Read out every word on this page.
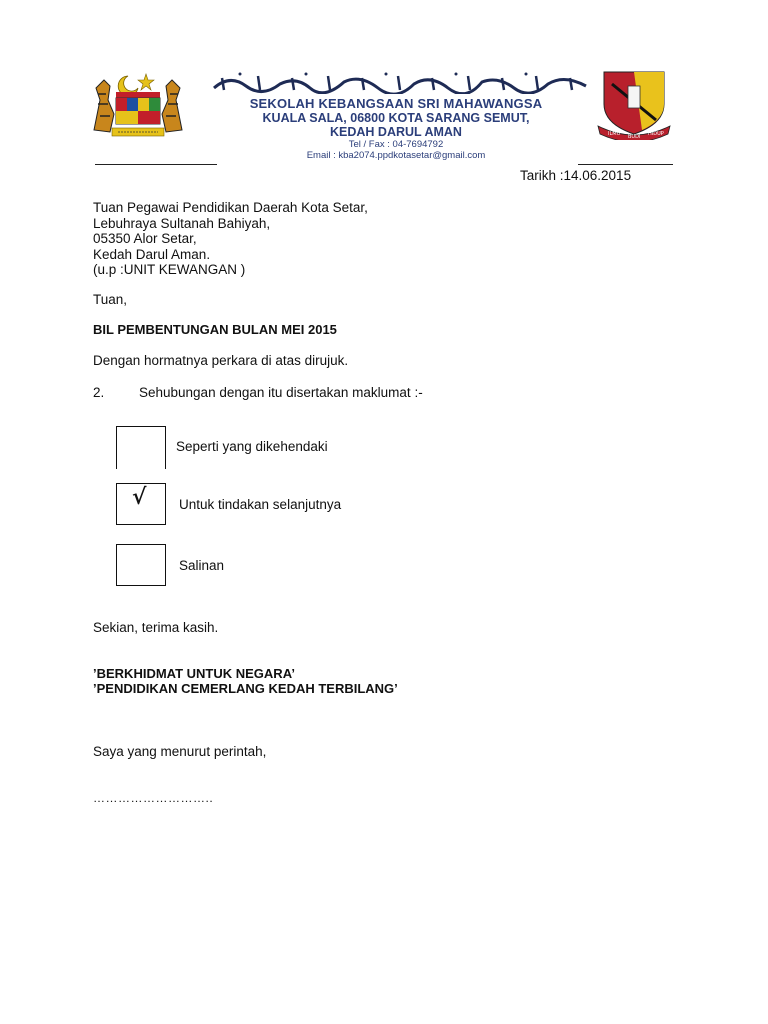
SEKOLAH KEBANGSAAN SRI MAHAWANGSA
KUALA SALA, 06800 KOTA SARANG SEMUT,
KEDAH DARUL AMAN
Tel / Fax : 04-7694792
Email : kba2074.ppdkotasetar@gmail.com
ILMU BUDI HIDUP
Tarikh :14.06.2015
Tuan Pegawai Pendidikan Daerah Kota Setar,
Lebuhraya Sultanah Bahiyah,
05350 Alor Setar,
Kedah Darul Aman.
(u.p :UNIT KEWANGAN )
Tuan,
BIL PEMBENTUNGAN BULAN MEI 2015
Dengan hormatnya perkara di atas dirujuk.
2.	Sehubungan dengan itu disertakan maklumat :-
Seperti yang dikehendaki
√ Untuk tindakan selanjutnya
Salinan
Sekian, terima kasih.
’BERKHIDMAT UNTUK NEGARA’
’PENDIDIKAN CEMERLANG KEDAH TERBILANG’
Saya yang menurut perintah,
………………………..
